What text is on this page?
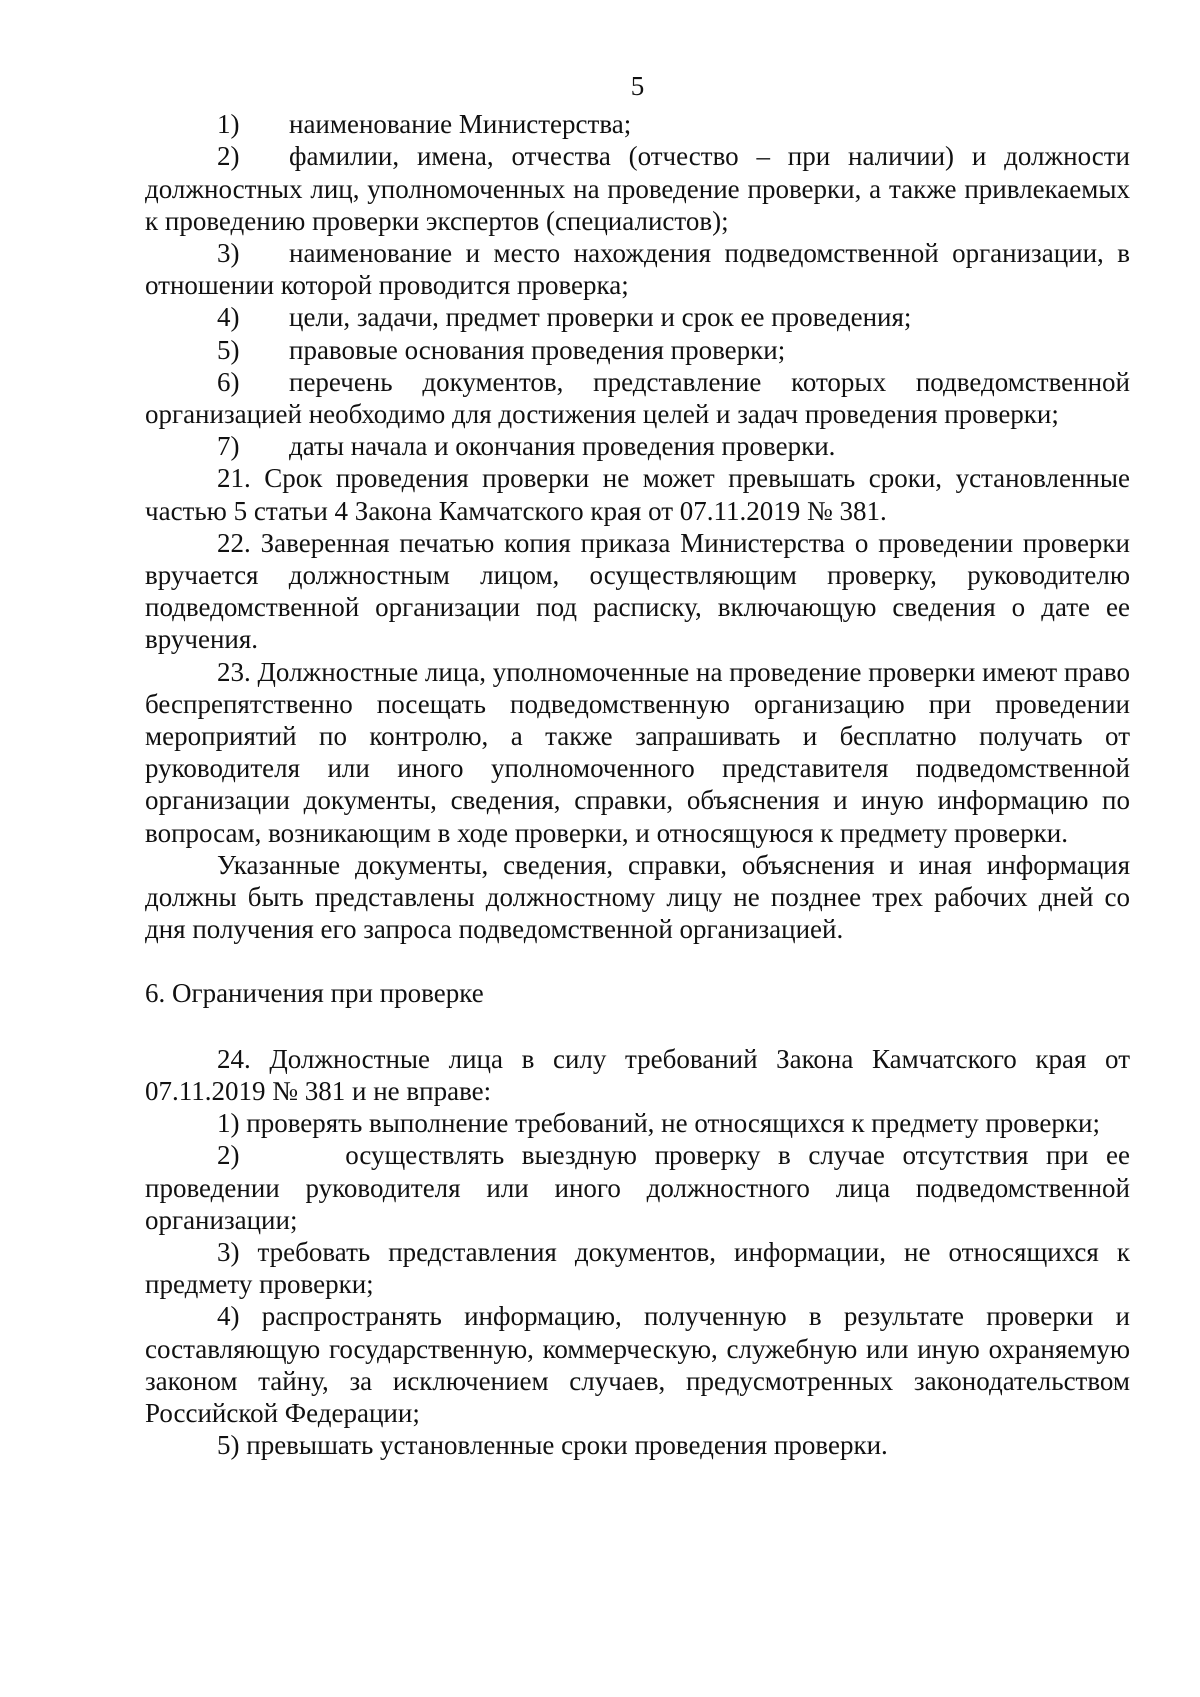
5

1) наименование Министерства;

2) фамилии, имена, отчества (отчество – при наличии) и должности должностных лиц, уполномоченных на проведение проверки, а также привлекаемых к проведению проверки экспертов (специалистов);

3) наименование и место нахождения подведомственной организации, в отношении которой проводится проверка;

4) цели, задачи, предмет проверки и срок ее проведения;

5) правовые основания проведения проверки;

6) перечень документов, представление которых подведомственной организацией необходимо для достижения целей и задач проведения проверки;

7) даты начала и окончания проведения проверки.

21. Срок проведения проверки не может превышать сроки, установленные частью 5 статьи 4 Закона Камчатского края от 07.11.2019 № 381.

22. Заверенная печатью копия приказа Министерства о проведении проверки вручается должностным лицом, осуществляющим проверку, руководителю подведомственной организации под расписку, включающую сведения о дате ее вручения.

23. Должностные лица, уполномоченные на проведение проверки имеют право беспрепятственно посещать подведомственную организацию при проведении мероприятий по контролю, а также запрашивать и бесплатно получать от руководителя или иного уполномоченного представителя подведомственной организации документы, сведения, справки, объяснения и иную информацию по вопросам, возникающим в ходе проверки, и относящуюся к предмету проверки.

Указанные документы, сведения, справки, объяснения и иная информация должны быть представлены должностному лицу не позднее трех рабочих дней со дня получения его запроса подведомственной организацией.

6. Ограничения при проверке

24. Должностные лица в силу требований Закона Камчатского края от 07.11.2019 № 381 и не вправе:

1) проверять выполнение требований, не относящихся к предмету проверки;

2)      осуществлять выездную проверку в случае отсутствия при ее проведении руководителя или иного должностного лица подведомственной организации;

3) требовать представления документов, информации, не относящихся к предмету проверки;

4) распространять информацию, полученную в результате проверки и составляющую государственную, коммерческую, служебную или иную охраняемую законом тайну, за исключением случаев, предусмотренных законодательством Российской Федерации;

5) превышать установленные сроки проведения проверки.
